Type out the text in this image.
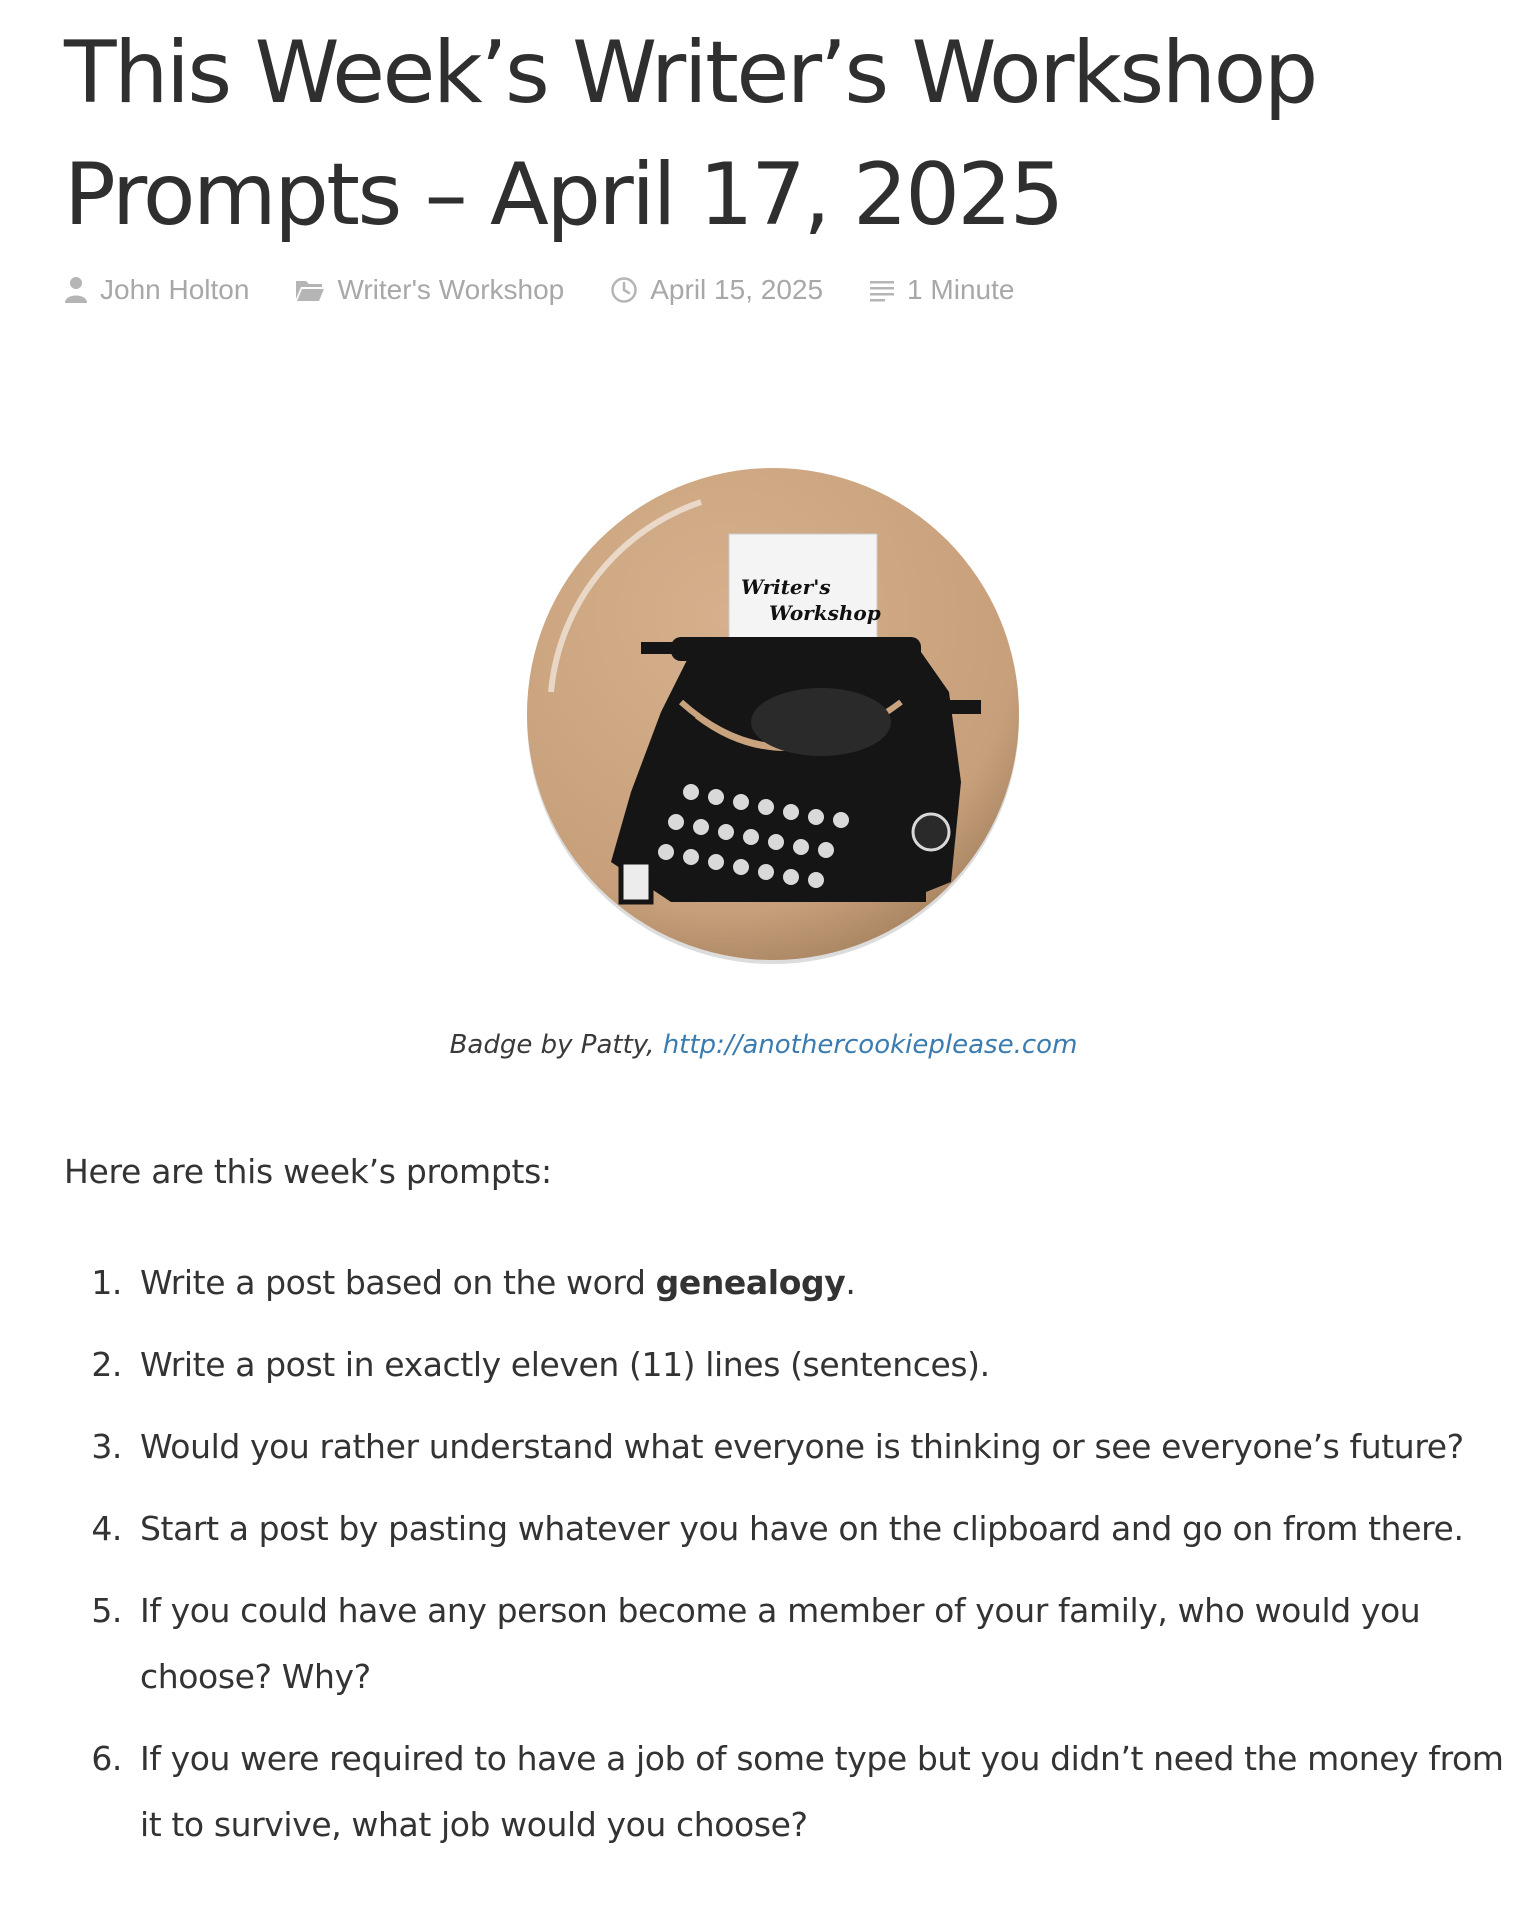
This Week’s Writer’s Workshop Prompts – April 17, 2025
John Holton	Writer's Workshop	April 15, 2025	1 Minute
Writer's
Workshop
Badge by Patty, http://anothercookieplease.com

Here are this week’s prompts:

1. Write a post based on the word genealogy.
2. Write a post in exactly eleven (11) lines (sentences).
3. Would you rather understand what everyone is thinking or see everyone’s future?
4. Start a post by pasting whatever you have on the clipboard and go on from there.
5. If you could have any person become a member of your family, who would you choose? Why?
6. If you were required to have a job of some type but you didn’t need the money from it to survive, what job would you choose?
